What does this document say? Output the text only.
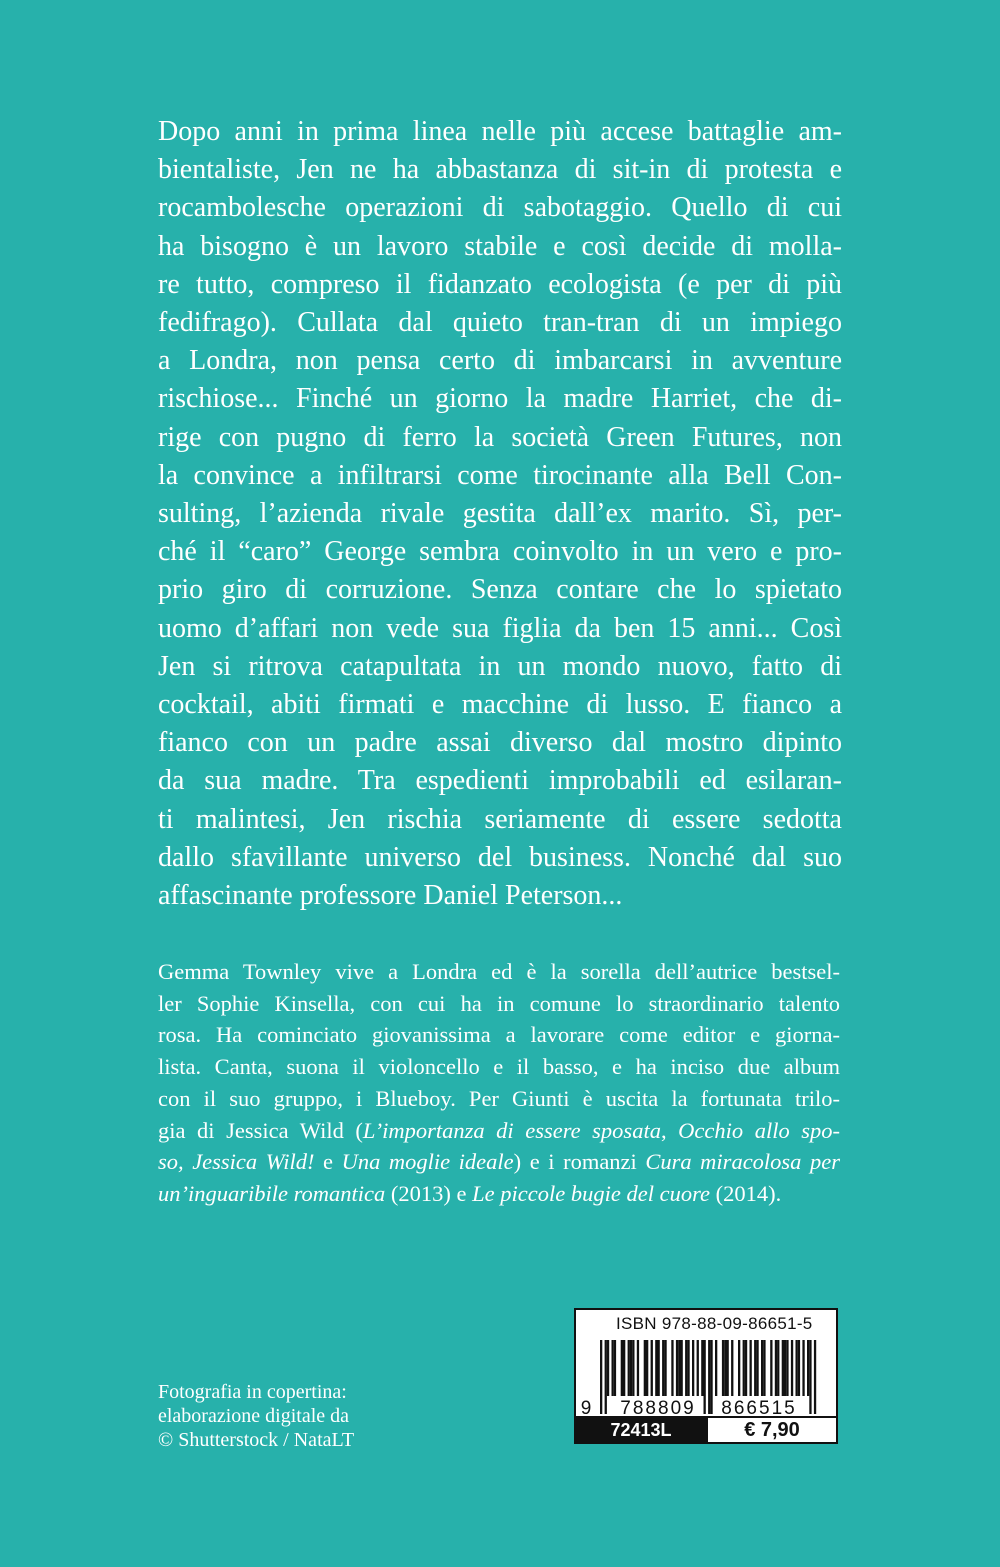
Dopo anni in prima linea nelle più accese battaglie am-
bientaliste, Jen ne ha abbastanza di sit-in di protesta e
rocambolesche operazioni di sabotaggio. Quello di cui
ha bisogno è un lavoro stabile e così decide di molla-
re tutto, compreso il fidanzato ecologista (e per di più
fedifrago). Cullata dal quieto tran-tran di un impiego
a Londra, non pensa certo di imbarcarsi in avventure
rischiose... Finché un giorno la madre Harriet, che di-
rige con pugno di ferro la società Green Futures, non
la convince a infiltrarsi come tirocinante alla Bell Con-
sulting, l’azienda rivale gestita dall’ex marito. Sì, per-
ché il “caro” George sembra coinvolto in un vero e pro-
prio giro di corruzione. Senza contare che lo spietato
uomo d’affari non vede sua figlia da ben 15 anni... Così
Jen si ritrova catapultata in un mondo nuovo, fatto di
cocktail, abiti firmati e macchine di lusso. E fianco a
fianco con un padre assai diverso dal mostro dipinto
da sua madre. Tra espedienti improbabili ed esilaran-
ti malintesi, Jen rischia seriamente di essere sedotta
dallo sfavillante universo del business. Nonché dal suo
affascinante professore Daniel Peterson...
Gemma Townley vive a Londra ed è la sorella dell’autrice bestsel-
ler Sophie Kinsella, con cui ha in comune lo straordinario talento
rosa. Ha cominciato giovanissima a lavorare come editor e giorna-
lista. Canta, suona il violoncello e il basso, e ha inciso due album
con il suo gruppo, i Blueboy. Per Giunti è uscita la fortunata trilo-
gia di Jessica Wild (L’importanza di essere sposata, Occhio allo spo-
so, Jessica Wild! e Una moglie ideale) e i romanzi Cura miracolosa per
un’inguaribile romantica (2013) e Le piccole bugie del cuore (2014).
Fotografia in copertina:
elaborazione digitale da
© Shutterstock / NataLT
ISBN 978-88-09-86651-5
9 788809 866515
72413L	€ 7,90
